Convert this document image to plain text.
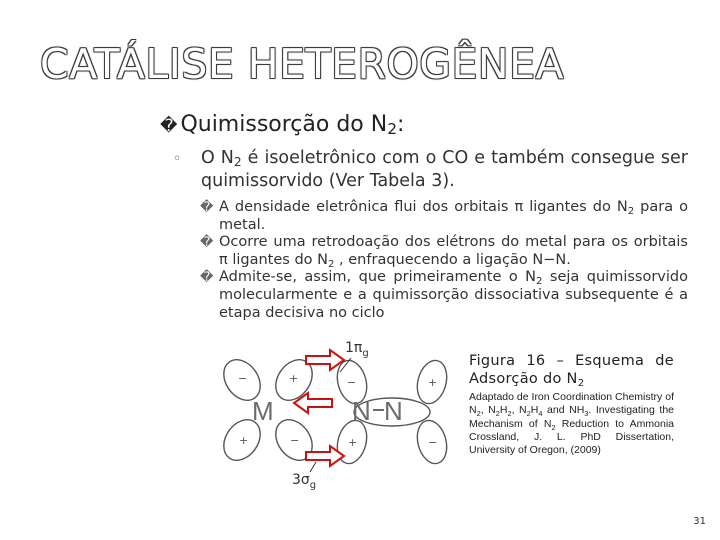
CATÁLISE HETEROGÊNEA
� Quimissorção do $N_2$:
◦ O $N_2$ é isoeletrônico com o CO e também consegue ser quimissorvido (Ver Tabela 3).

� A densidade eletrônica flui dos orbitais π ligantes do $N_2$ para o metal.
� Ocorre uma retrodoação dos elétrons do metal para os orbitais π ligantes do $N_2$ , enfraquecendo a ligação N−N.
� Admite-se, assim, que primeiramente o $N_2$ seja quimissorvido molecularmente e a quimissorção dissociativa subsequente é a etapa decisiva no ciclo
−
+
+
−
−
+
+
−
M	N N
$1\pi_g$
$3\sigma_g$
Figura 16 – Esquema de Adsorção do $N_2$

Adaptado de Iron Coordination Chemistry of $N_2$, $N_2H_2$, $N_2H_4$ and $NH_3$. Investigating the Mechanism of $N_2$ Reduction to Ammonia Crossland, J. L. PhD Dissertation, University of Oregon, (2009)

31
